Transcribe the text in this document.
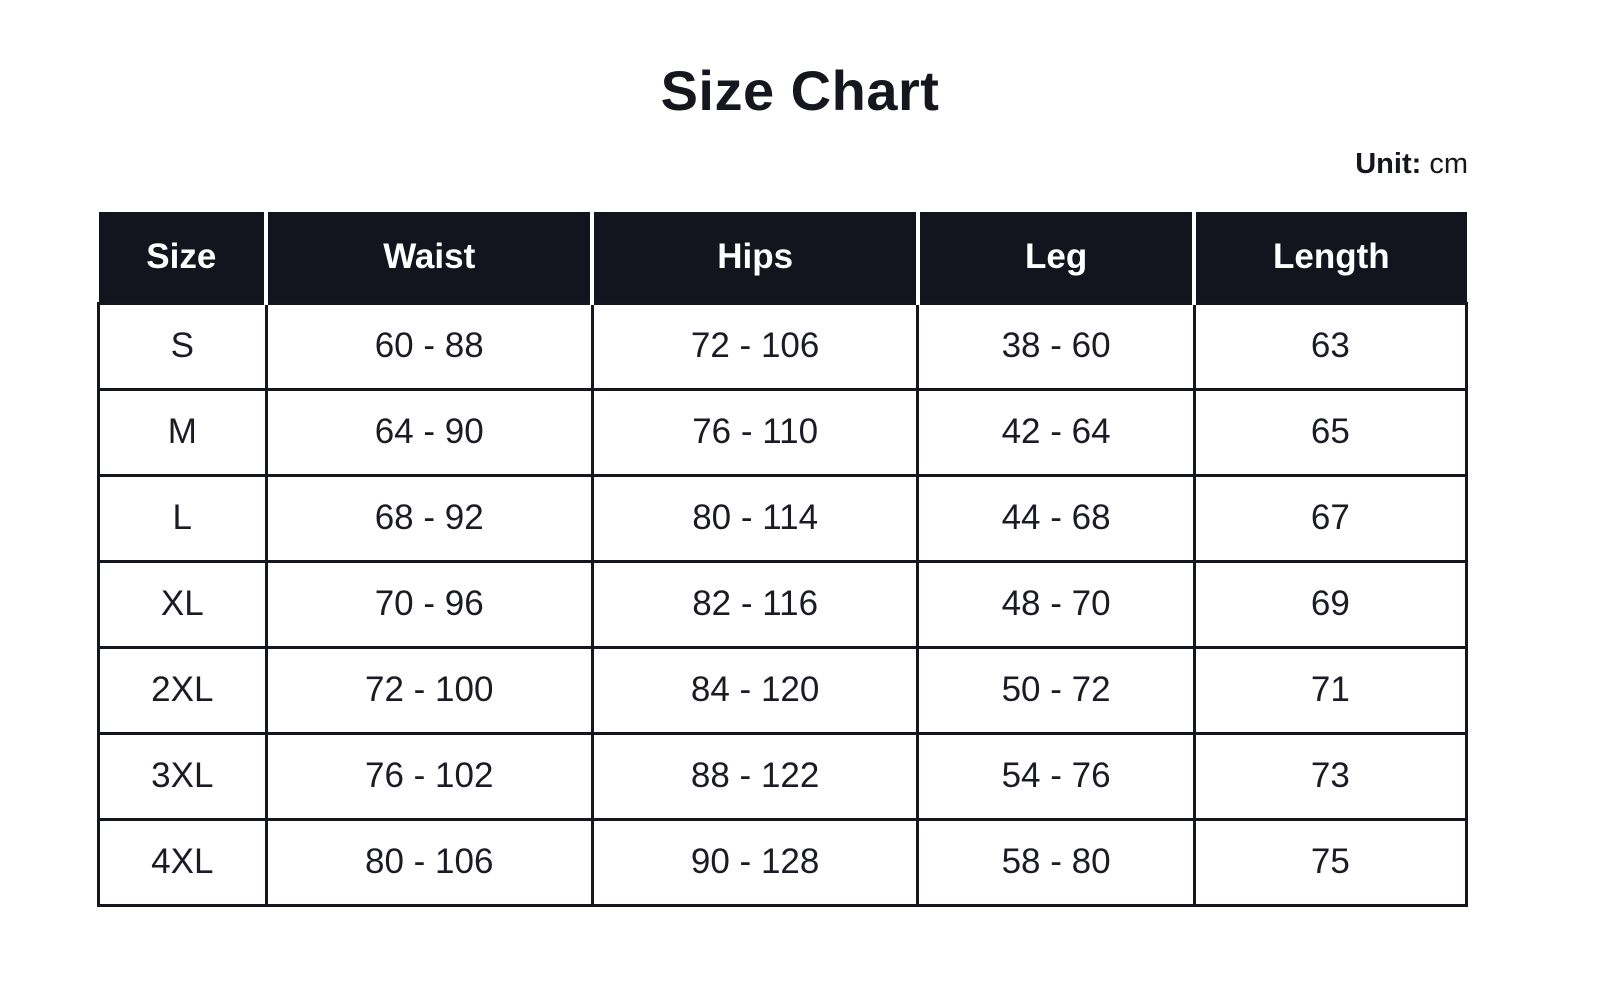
Size Chart
Unit: cm
Size	Waist	Hips	Leg	Length
S	60 - 88	72 - 106	38 - 60	63
M	64 - 90	76 - 110	42 - 64	65
L	68 - 92	80 - 114	44 - 68	67
XL	70 - 96	82 - 116	48 - 70	69
2XL	72 - 100	84 - 120	50 - 72	71
3XL	76 - 102	88 - 122	54 - 76	73
4XL	80 - 106	90 - 128	58 - 80	75
